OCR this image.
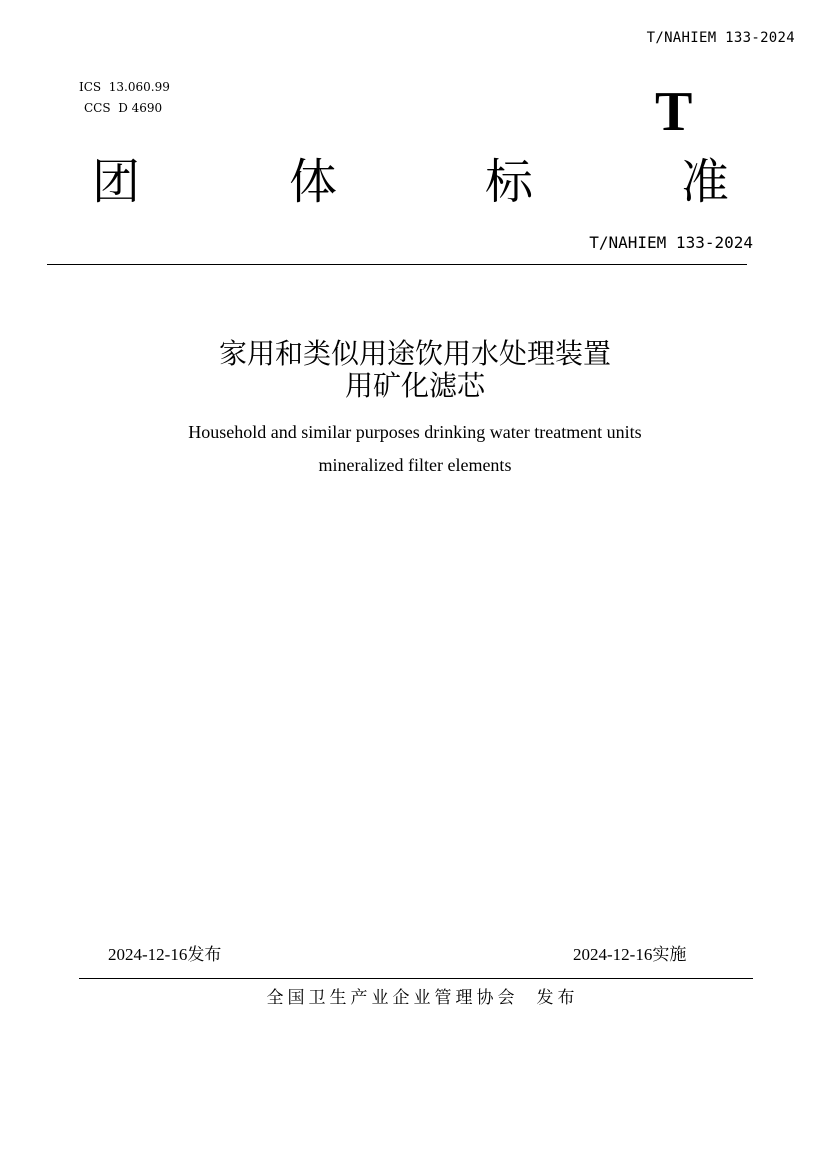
T/NAHIEM 133-2024
ICS  13.060.99
CCS  D 4690	T
团	体	标	准
T/NAHIEM 133-2024
家用和类似用途饮用水处理装置
用矿化滤芯
Household and similar purposes drinking water treatment units
mineralized filter elements
2024-12-16发布	2024-12-16实施
全国卫生产业企业管理协会 发布
